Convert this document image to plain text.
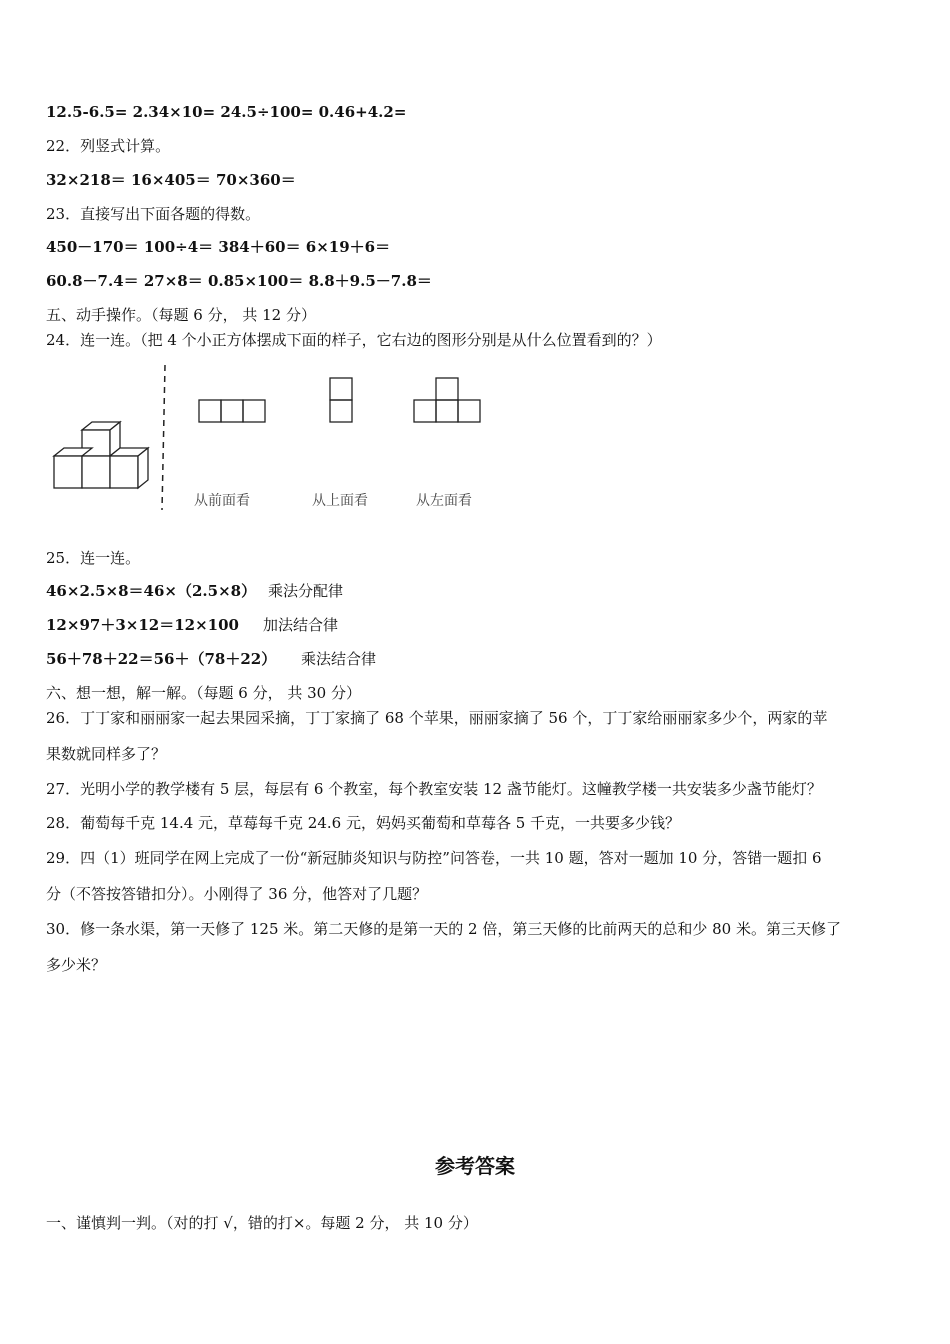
12.5-6.5= 2.34×10= 24.5÷100= 0.46+4.2=
22．列竖式计算。
32×218＝ 16×405＝ 70×360＝
23．直接写出下面各题的得数。
450－170＝ 100÷4＝ 384＋60＝ 6×19＋6＝
60.8－7.4＝ 27×8＝ 0.85×100＝ 8.8＋9.5－7.8＝
五、动手操作。（每题 6 分， 共 12 分）
24．连一连。（把 4 个小正方体摆成下面的样子，它右边的图形分别是从什么位置看到的？）
从前面看	从上面看	从左面看
25．连一连。
46×2.5×8＝46×（2.5×8） 乘法分配律
12×97＋3×12＝12×100 加法结合律
56＋78＋22＝56＋（78＋22） 乘法结合律
六、想一想，解一解。（每题 6 分， 共 30 分）
26．丁丁家和丽丽家一起去果园采摘，丁丁家摘了 68 个苹果，丽丽家摘了 56 个，丁丁家给丽丽家多少个，两家的苹
果数就同样多了？
27．光明小学的教学楼有 5 层，每层有 6 个教室，每个教室安装 12 盏节能灯。这幢教学楼一共安装多少盏节能灯？
28．葡萄每千克 14.4 元，草莓每千克 24.6 元，妈妈买葡萄和草莓各 5 千克，一共要多少钱？
29．四（1）班同学在网上完成了一份“新冠肺炎知识与防控”问答卷，一共 10 题，答对一题加 10 分，答错一题扣 6
分（不答按答错扣分）。小刚得了 36 分，他答对了几题？
30．修一条水渠，第一天修了 125 米。第二天修的是第一天的 2 倍，第三天修的比前两天的总和少 80 米。第三天修了
多少米？
参考答案
一、谨慎判一判。（对的打 √，错的打×。每题 2 分， 共 10 分）
